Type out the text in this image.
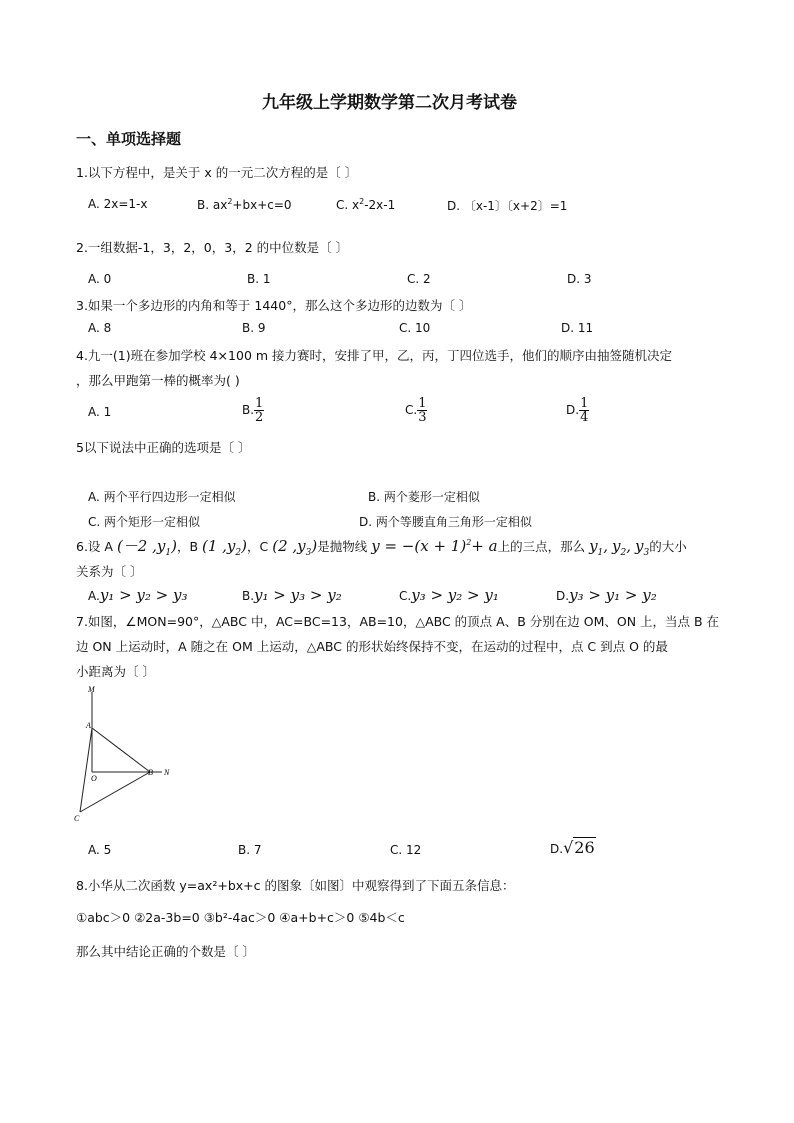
九年级上学期数学第二次月考试卷
一、单项选择题
1.以下方程中，是关于 x 的一元二次方程的是〔 〕
A. 2x=1-x	B. $ax^2+bx+c=0$	C. $x^2-2x-1$	D. 〔x-1〕〔x+2〕=1
2.一组数据-1，3，2，0，3，2 的中位数是〔 〕
A. 0	B. 1	C. 2	D. 3
3.如果一个多边形的内角和等于 1440°，那么这个多边形的边数为〔 〕
A. 8	B. 9	C. 10	D. 11
4.九一(1)班在参加学校 4×100 m 接力赛时，安排了甲，乙，丙，丁四位选手，他们的顺序由抽签随机决定
，那么甲跑第一棒的概率为( )
A. 1	B. $\frac{1}{2}$	C. $\frac{1}{3}$	D. $\frac{1}{4}$
5以下说法中正确的选项是〔 〕
A. 两个平行四边形一定相似	B. 两个菱形一定相似
C. 两个矩形一定相似	D. 两个等腰直角三角形一定相似
6.设 A (－2 $,y_1$)，B (1 $,y_2$)，C (2 $,y_3$)是抛物线 $y = -(x + 1)^2+ a$上的三点，那么 $y_1$, $y_2$, $y_3$的大小
关系为〔 〕
A.y₁ > y₂ > y₃	B.y₁ > y₃ > y₂	C.y₃ > y₂ > y₁	D.y₃ > y₁ > y₂
7.如图，∠MON=90°，△ABC 中，AC=BC=13，AB=10，△ABC 的顶点 A、B 分别在边 OM、ON 上，当点 B 在
边 ON 上运动时，A 随之在 OM 上运动，△ABC 的形状始终保持不变，在运动的过程中，点 C 到点 O 的最
小距离为〔 〕
M
A
O
B N
C
A. 5	B. 7	C. 12	D.√26
8.小华从二次函数 y=ax²+bx+c 的图象〔如图〕中观察得到了下面五条信息：
①abc＞0 ②2a-3b=0 ③b²-4ac＞0 ④a+b+c＞0 ⑤4b＜c
那么其中结论正确的个数是〔 〕
